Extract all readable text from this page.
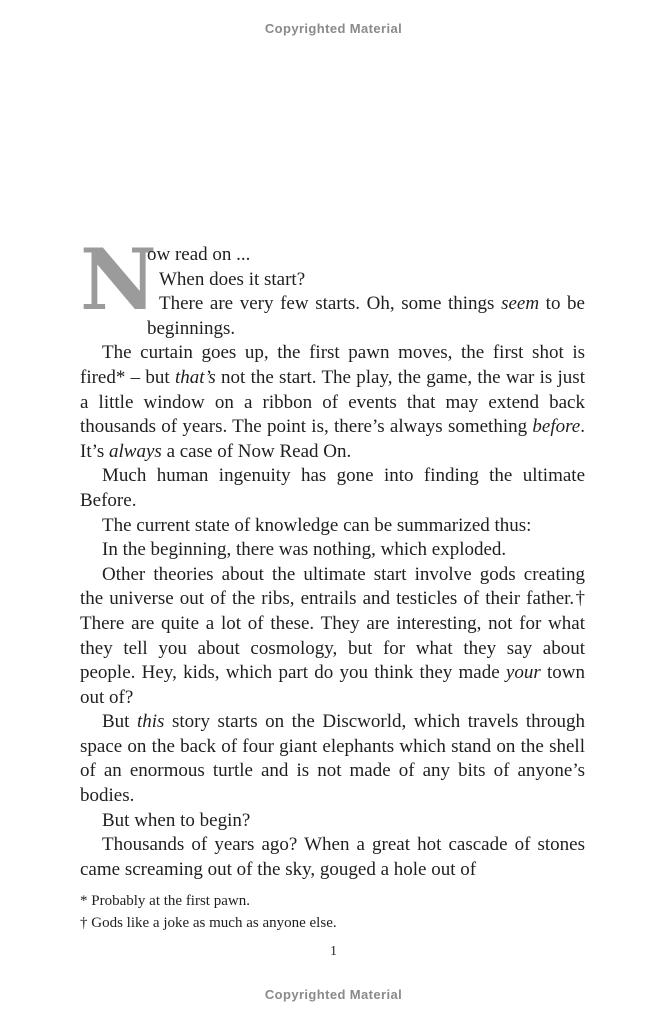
Copyrighted Material
N

ow read on ...

When does it start?

There are very few starts. Oh, some things seem to be beginnings.

The curtain goes up, the first pawn moves, the first shot is fired* – but that’s not the start. The play, the game, the war is just a little window on a ribbon of events that may extend back thousands of years. The point is, there’s always something before. It’s always a case of Now Read On.

Much human ingenuity has gone into finding the ultimate Before.

The current state of knowledge can be summarized thus:

In the beginning, there was nothing, which exploded.

Other theories about the ultimate start involve gods creating the universe out of the ribs, entrails and testicles of their father.† There are quite a lot of these. They are interesting, not for what they tell you about cosmology, but for what they say about people. Hey, kids, which part do you think they made your town out of?

But this story starts on the Discworld, which travels through space on the back of four giant elephants which stand on the shell of an enormous turtle and is not made of any bits of anyone’s bodies.

But when to begin?

Thousands of years ago? When a great hot cascade of stones came screaming out of the sky, gouged a hole out of

* Probably at the first pawn.

† Gods like a joke as much as anyone else.

1
Copyrighted Material
